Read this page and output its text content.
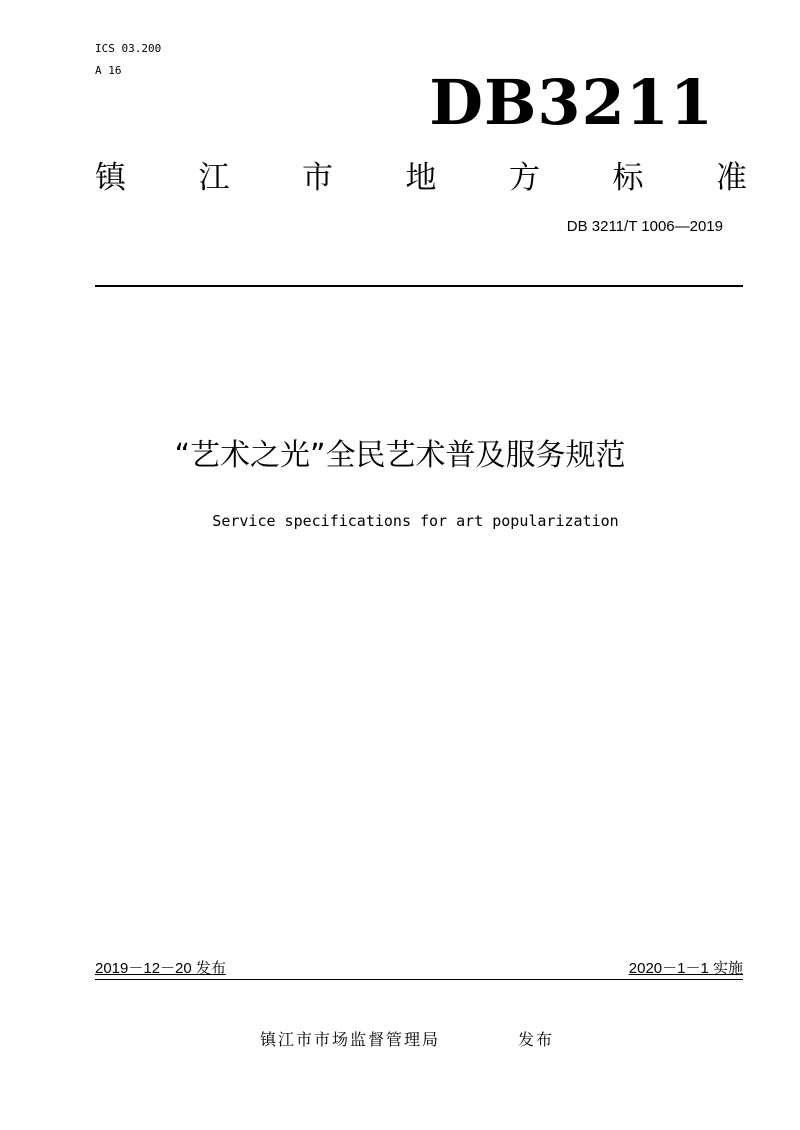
ICS 03.200
A 16	DB3211
镇 江 市 地 方 标 准
DB 3211/T 1006—2019
“艺术之光”全民艺术普及服务规范
Service specifications for art popularization
2019－12－20 发布	2020－1－1 实施
镇江市市场监督管理局	发布
